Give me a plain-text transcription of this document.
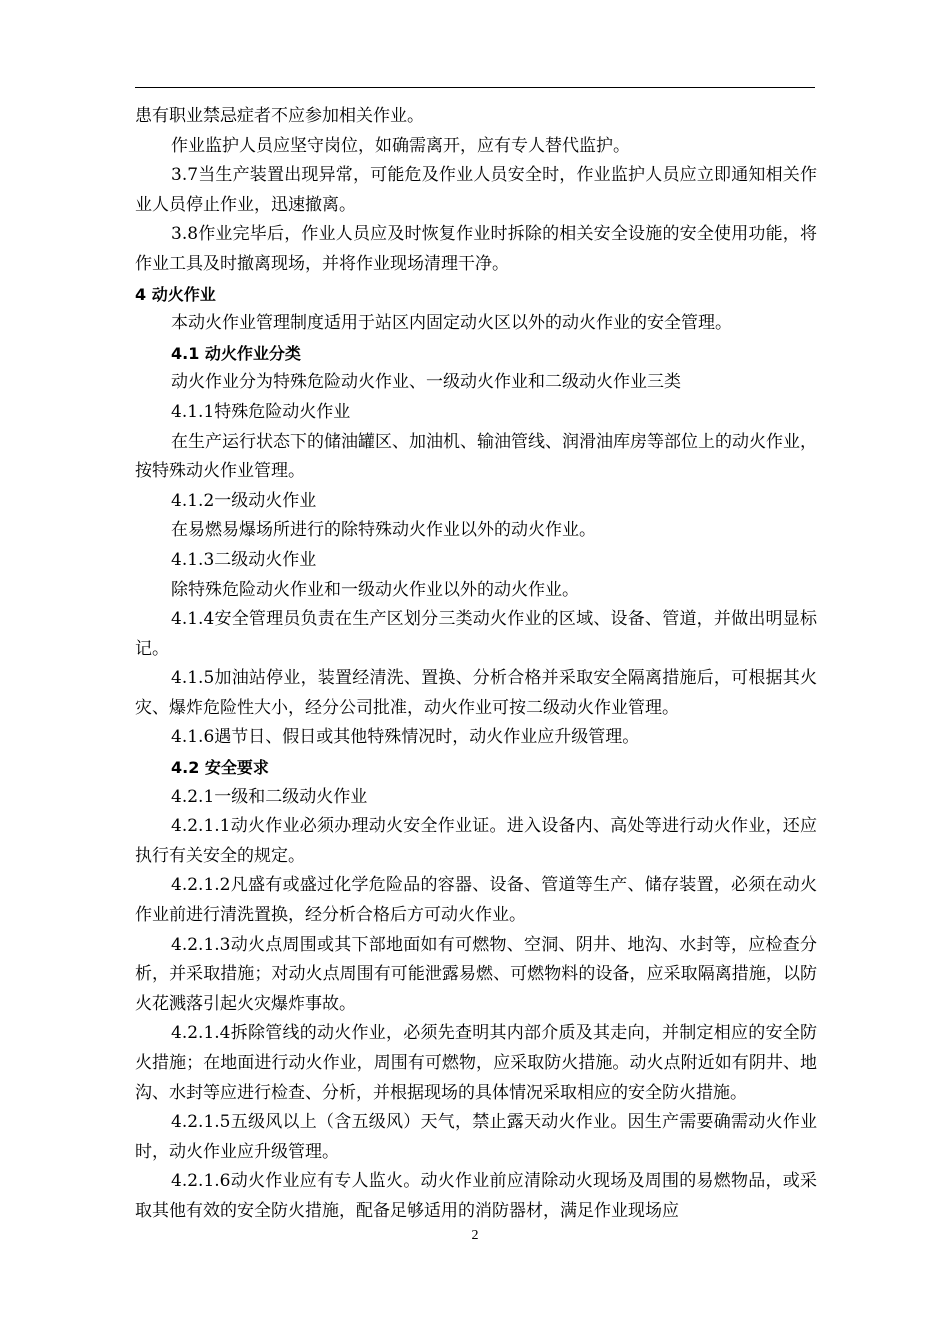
患有职业禁忌症者不应参加相关作业。

作业监护人员应坚守岗位，如确需离开，应有专人替代监护。

3.7当生产装置出现异常，可能危及作业人员安全时，作业监护人员应立即通知相关作业人员停止作业，迅速撤离。

3.8作业完毕后，作业人员应及时恢复作业时拆除的相关安全设施的安全使用功能，将作业工具及时撤离现场，并将作业现场清理干净。

4 动火作业

本动火作业管理制度适用于站区内固定动火区以外的动火作业的安全管理。

4.1 动火作业分类

动火作业分为特殊危险动火作业、一级动火作业和二级动火作业三类

4.1.1特殊危险动火作业

在生产运行状态下的储油罐区、加油机、输油管线、润滑油库房等部位上的动火作业，按特殊动火作业管理。

4.1.2一级动火作业

在易燃易爆场所进行的除特殊动火作业以外的动火作业。

4.1.3二级动火作业

除特殊危险动火作业和一级动火作业以外的动火作业。

4.1.4安全管理员负责在生产区划分三类动火作业的区域、设备、管道，并做出明显标记。

4.1.5加油站停业，装置经清洗、置换、分析合格并采取安全隔离措施后，可根据其火灾、爆炸危险性大小，经分公司批准，动火作业可按二级动火作业管理。

4.1.6遇节日、假日或其他特殊情况时，动火作业应升级管理。

4.2 安全要求

4.2.1一级和二级动火作业

4.2.1.1动火作业必须办理动火安全作业证。进入设备内、高处等进行动火作业，还应执行有关安全的规定。

4.2.1.2凡盛有或盛过化学危险品的容器、设备、管道等生产、储存装置，必须在动火作业前进行清洗置换，经分析合格后方可动火作业。

4.2.1.3动火点周围或其下部地面如有可燃物、空洞、阴井、地沟、水封等，应检查分析，并采取措施；对动火点周围有可能泄露易燃、可燃物料的设备，应采取隔离措施，以防火花溅落引起火灾爆炸事故。

4.2.1.4拆除管线的动火作业，必须先查明其内部介质及其走向，并制定相应的安全防火措施；在地面进行动火作业，周围有可燃物，应采取防火措施。动火点附近如有阴井、地沟、水封等应进行检查、分析，并根据现场的具体情况采取相应的安全防火措施。

4.2.1.5五级风以上（含五级风）天气，禁止露天动火作业。因生产需要确需动火作业时，动火作业应升级管理。

4.2.1.6动火作业应有专人监火。动火作业前应清除动火现场及周围的易燃物品，或采取其他有效的安全防火措施，配备足够适用的消防器材，满足作业现场应

2
